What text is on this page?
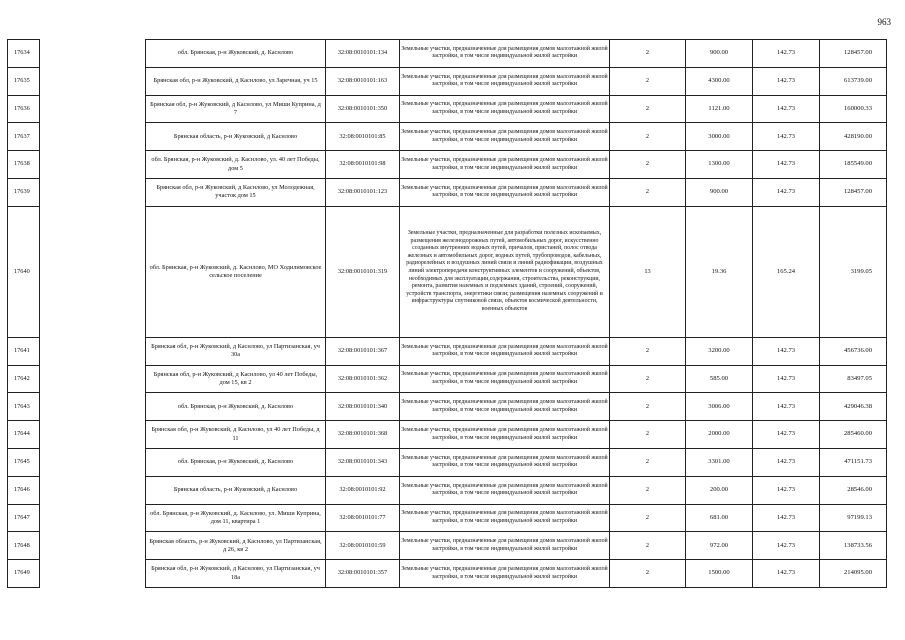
963
17634		обл. Брянская, р-н Жуковский, д. Каснлово	32:08:0010101:134	Земельные участки, предназначенные для размещения домов малоэтажной жилой застройки, в том числе индивидуальной жилой застройки	2	900.00	142.73	128457.00
17635		Брянская обл, р-н Жуковский, д Каснлово, ул Заречная, уч 15	32:08:0010101:163	Земельные участки, предназначенные для размещения домов малоэтажной жилой застройки, в том числе индивидуальной жилой застройки	2	4300.00	142.73	613739.00
17636		Брянская обл, р-н Жуковский, д Каснлово, ул Миши Куприна, д 7	32:08:0010101:350	Земельные участки, предназначенные для размещения домов малоэтажной жилой застройки, в том числе индивидуальной жилой застройки	2	1121.00	142.73	160000.33
17637		Брянская область, р-н Жуковский, д Каснлово	32:08:0010101:85	Земельные участки, предназначенные для размещения домов малоэтажной жилой застройки, в том числе индивидуальной жилой застройки	2	3000.00	142.73	428190.00
17638		обл. Брянская, р-н Жуковский, д. Каснлово, ул. 40 лет Победы, дом 5	32:08:0010101:98	Земельные участки, предназначенные для размещения домов малоэтажной жилой застройки, в том числе индивидуальной жилой застройки	2	1300.00	142.73	185549.00
17639		Брянская обл, р-н Жуковский, д Каснлово, ул Молодежная, участок дом 15	32:08:0010101:123	Земельные участки, предназначенные для размещения домов малоэтажной жилой застройки, в том числе индивидуальной жилой застройки	2	900.00	142.73	128457.00
17640		обл. Брянская, р-н Жуковский, д. Каснлово, МО Ходилимовское сельское поселение	32:08:0010101:319	Земельные участки, предназначенные для разработки полезных ископаемых, размещения железнодорожных путей, автомобильных дорог, искусственно созданных внутренних водных путей, причалов, пристаней, полос отвода железных и автомобильных дорог, водных путей, трубопроводов, кабельных, радиорелейных и воздушных линий связи и линий радиофикации, воздушных линий электропередачи конструктивных элементов и сооружений, объектов, необходимых для эксплуатации,содержания, строительства, реконструкции, ремонта, развития наземных и подземных зданий, строений, сооружений, устройств транспорта, энергетики связи; размещения наземных сооружений и инфраструктуры спутниковой связи, объектов космической деятельности, военных объектов	13	19.36	165.24	3199.05
17641		Брянская обл, р-н Жуковский, д Каснлово, ул Партизанская, уч 30а	32:08:0010101:367	Земельные участки, предназначенные для размещения домов малоэтажной жилой застройки, в том числе индивидуальной жилой застройки	2	3200.00	142.73	456736.00
17642		Брянская обл, р-н Жуковский, д Каснлово, ул 40 лет Победы, дом 15, кв 2	32:08:0010101:362	Земельные участки, предназначенные для размещения домов малоэтажной жилой застройки, в том числе индивидуальной жилой застройки	2	585.00	142.73	83497.05
17643		обл. Брянская, р-н Жуковский, д. Каснлово	32:08:0010101:340	Земельные участки, предназначенные для размещения домов малоэтажной жилой застройки, в том числе индивидуальной жилой застройки	2	3006.00	142.73	429046.38
17644		Брянская обл, р-н Жуковский, д Каснлово, ул 40 лет Победы, д 11	32:08:0010101:368	Земельные участки, предназначенные для размещения домов малоэтажной жилой застройки, в том числе индивидуальной жилой застройки	2	2000.00	142.73	285460.00
17645		обл. Брянская, р-н Жуковский, д. Каснлово	32:08:0010101:343	Земельные участки, предназначенные для размещения домов малоэтажной жилой застройки, в том числе индивидуальной жилой застройки	2	3301.00	142.73	471151.73
17646		Брянская область, р-н Жуковский, д Каснлово	32:08:0010101:92	Земельные участки, предназначенные для размещения домов малоэтажной жилой застройки, в том числе индивидуальной жилой застройки	2	200.00	142.73	28546.00
17647		обл. Брянская, р-н Жуковский, д. Каснлово, ул. Миши Куприна, дом 11, квартира 1	32:08:0010101:77	Земельные участки, предназначенные для размещения домов малоэтажной жилой застройки, в том числе индивидуальной жилой застройки	2	681.00	142.73	97199.13
17648		Брянская область, р-н Жуковский, д Каснлово, ул Партизанская, д 26, кв 2	32:08:0010101:59	Земельные участки, предназначенные для размещения домов малоэтажной жилой застройки, в том числе индивидуальной жилой застройки	2	972.00	142.73	138733.56
17649		Брянская обл, р-н Жуковский, д Каснлово, ул Партизанская, уч 18а	32:08:0010101:357	Земельные участки, предназначенные для размещения домов малоэтажной жилой застройки, в том числе индивидуальной жилой застройки	2	1500.00	142.73	214095.00
